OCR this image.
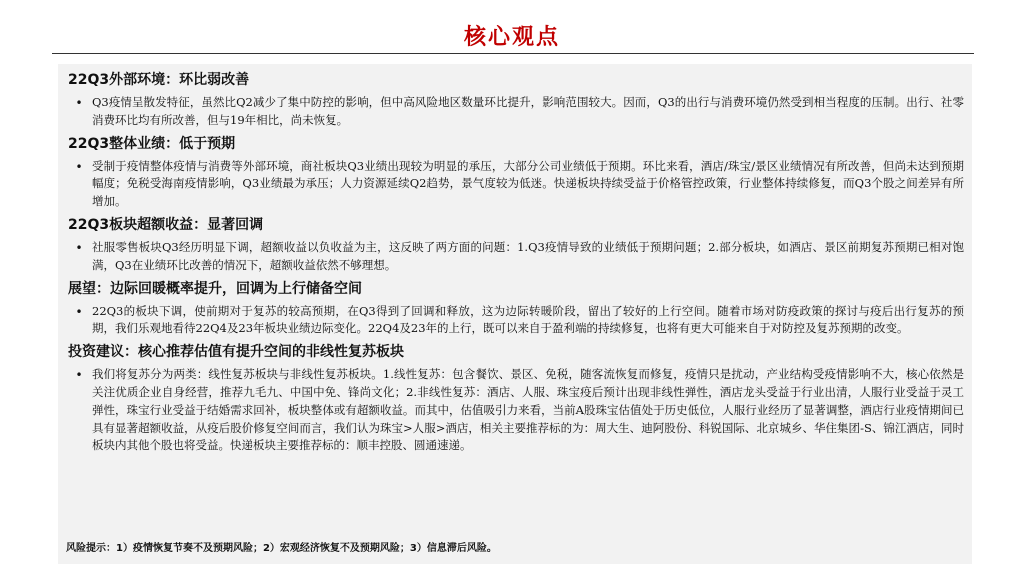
核心观点
22Q3外部环境：环比弱改善
• Q3疫情呈散发特征，虽然比Q2减少了集中防控的影响，但中高风险地区数量环比提升，影响范围较大。因而，Q3的出行与消费环境仍然受到相当程度的压制。出行、社零消费环比均有所改善，但与19年相比，尚未恢复。
22Q3整体业绩：低于预期
• 受制于疫情整体疫情与消费等外部环境，商社板块Q3业绩出现较为明显的承压，大部分公司业绩低于预期。环比来看，酒店/珠宝/景区业绩情况有所改善，但尚未达到预期幅度；免税受海南疫情影响，Q3业绩最为承压；人力资源延续Q2趋势，景气度较为低迷。快递板块持续受益于价格管控政策，行业整体持续修复，而Q3个股之间差异有所增加。
22Q3板块超额收益：显著回调
• 社服零售板块Q3经历明显下调，超额收益以负收益为主，这反映了两方面的问题：1.Q3疫情导致的业绩低于预期问题；2.部分板块，如酒店、景区前期复苏预期已相对饱满，Q3在业绩环比改善的情况下，超额收益依然不够理想。
展望：边际回暖概率提升，回调为上行储备空间
• 22Q3的板块下调，使前期对于复苏的较高预期，在Q3得到了回调和释放，这为边际转暖阶段，留出了较好的上行空间。随着市场对防疫政策的探讨与疫后出行复苏的预期，我们乐观地看待22Q4及23年板块业绩边际变化。22Q4及23年的上行，既可以来自于盈利端的持续修复，也将有更大可能来自于对防控及复苏预期的改变。
投资建议：核心推荐估值有提升空间的非线性复苏板块
• 我们将复苏分为两类：线性复苏板块与非线性复苏板块。1.线性复苏：包含餐饮、景区、免税，随客流恢复而修复，疫情只是扰动，产业结构受疫情影响不大，核心依然是关注优质企业自身经营，推荐九毛九、中国中免、锋尚文化；2.非线性复苏：酒店、人服、珠宝疫后预计出现非线性弹性，酒店龙头受益于行业出清，人服行业受益于灵工弹性，珠宝行业受益于结婚需求回补，板块整体或有超额收益。而其中，估值吸引力来看，当前A股珠宝估值处于历史低位，人服行业经历了显著调整，酒店行业疫情期间已具有显著超额收益，从疫后股价修复空间而言，我们认为珠宝>人服>酒店，相关主要推荐标的为：周大生、迪阿股份、科锐国际、北京城乡、华住集团-S、锦江酒店，同时板块内其他个股也将受益。快递板块主要推荐标的：顺丰控股、圆通速递。
风险提示：1）疫情恢复节奏不及预期风险；2）宏观经济恢复不及预期风险；3）信息滞后风险。
